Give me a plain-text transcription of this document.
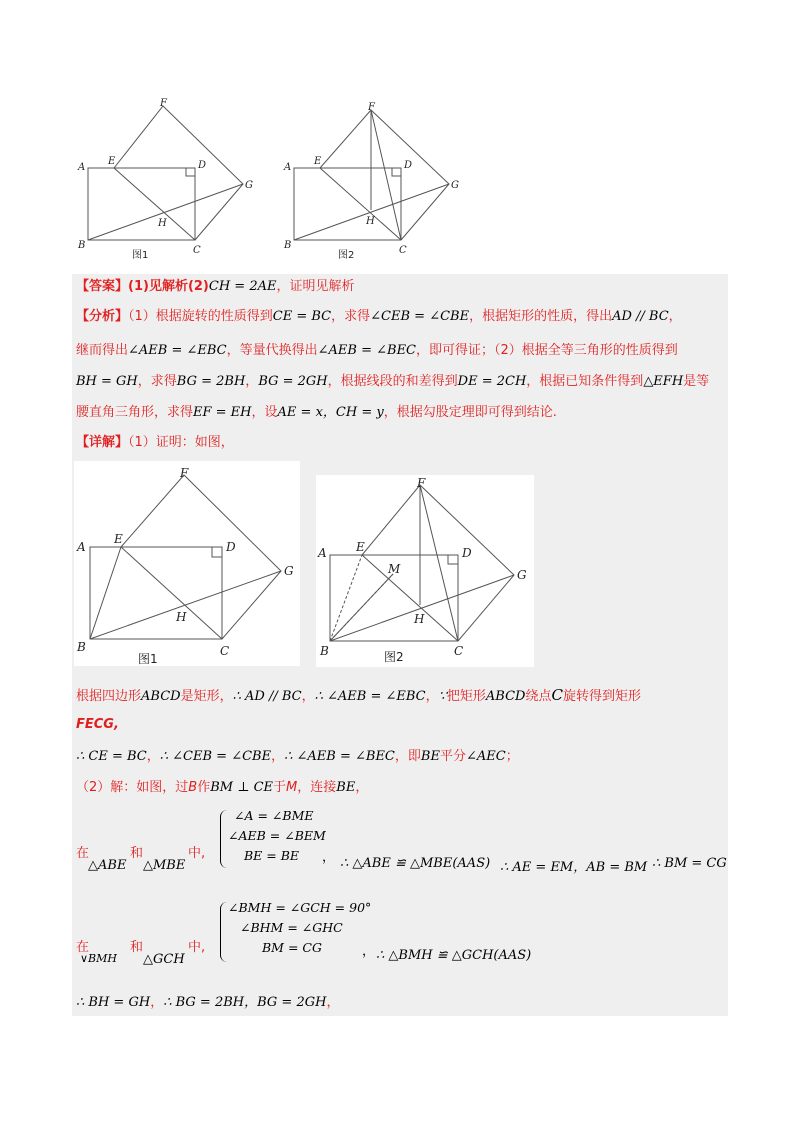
A
B	C
D
E
F
G
H
图1
A
B	C
D
E
F
G
H
图2
【答案】(1)见解析(2)CH = 2AE，证明见解析
【分析】（1）根据旋转的性质得到CE = BC，求得∠CEB = ∠CBE，根据矩形的性质，得出AD // BC，
继而得出∠AEB = ∠EBC，等量代换得出∠AEB = ∠BEC，即可得证；（2）根据全等三角形的性质得到
BH = GH，求得BG = 2BH，BG = 2GH，根据线段的和差得到DE = 2CH，根据已知条件得到△EFH是等
腰直角三角形，求得EF = EH，设AE = x，CH = y，根据勾股定理即可得到结论.
【详解】（1）证明：如图，
A
B	C
D
E
F
G
H
图1
A
B	C
D
E
F
G
H
M
图2
根据四边形ABCD是矩形，∴ AD // BC，∴ ∠AEB = ∠EBC，∵把矩形ABCD绕点C旋转得到矩形
FECG,
∴ CE = BC，∴ ∠CEB = ∠CBE，∴ ∠AEB = ∠BEC，即BE平分∠AEC；
（2）解：如图，过B作BM ⊥ CE于M，连接BE，
在	和	中,
△ABE △MBE
∠A = ∠BME
∠AEB = ∠BEM
BE = BE	， ∴ △ABE ≌ △MBE(AAS) ∴ AE = EM，AB = BM ∴ BM = CG
在	和	中,
∨BMH △GCH
∠BMH = ∠GCH = 90°
∠BHM = ∠GHC
BM = CG	， ∴ △BMH ≌ △GCH(AAS)
∴ BH = GH，∴ BG = 2BH，BG = 2GH，
